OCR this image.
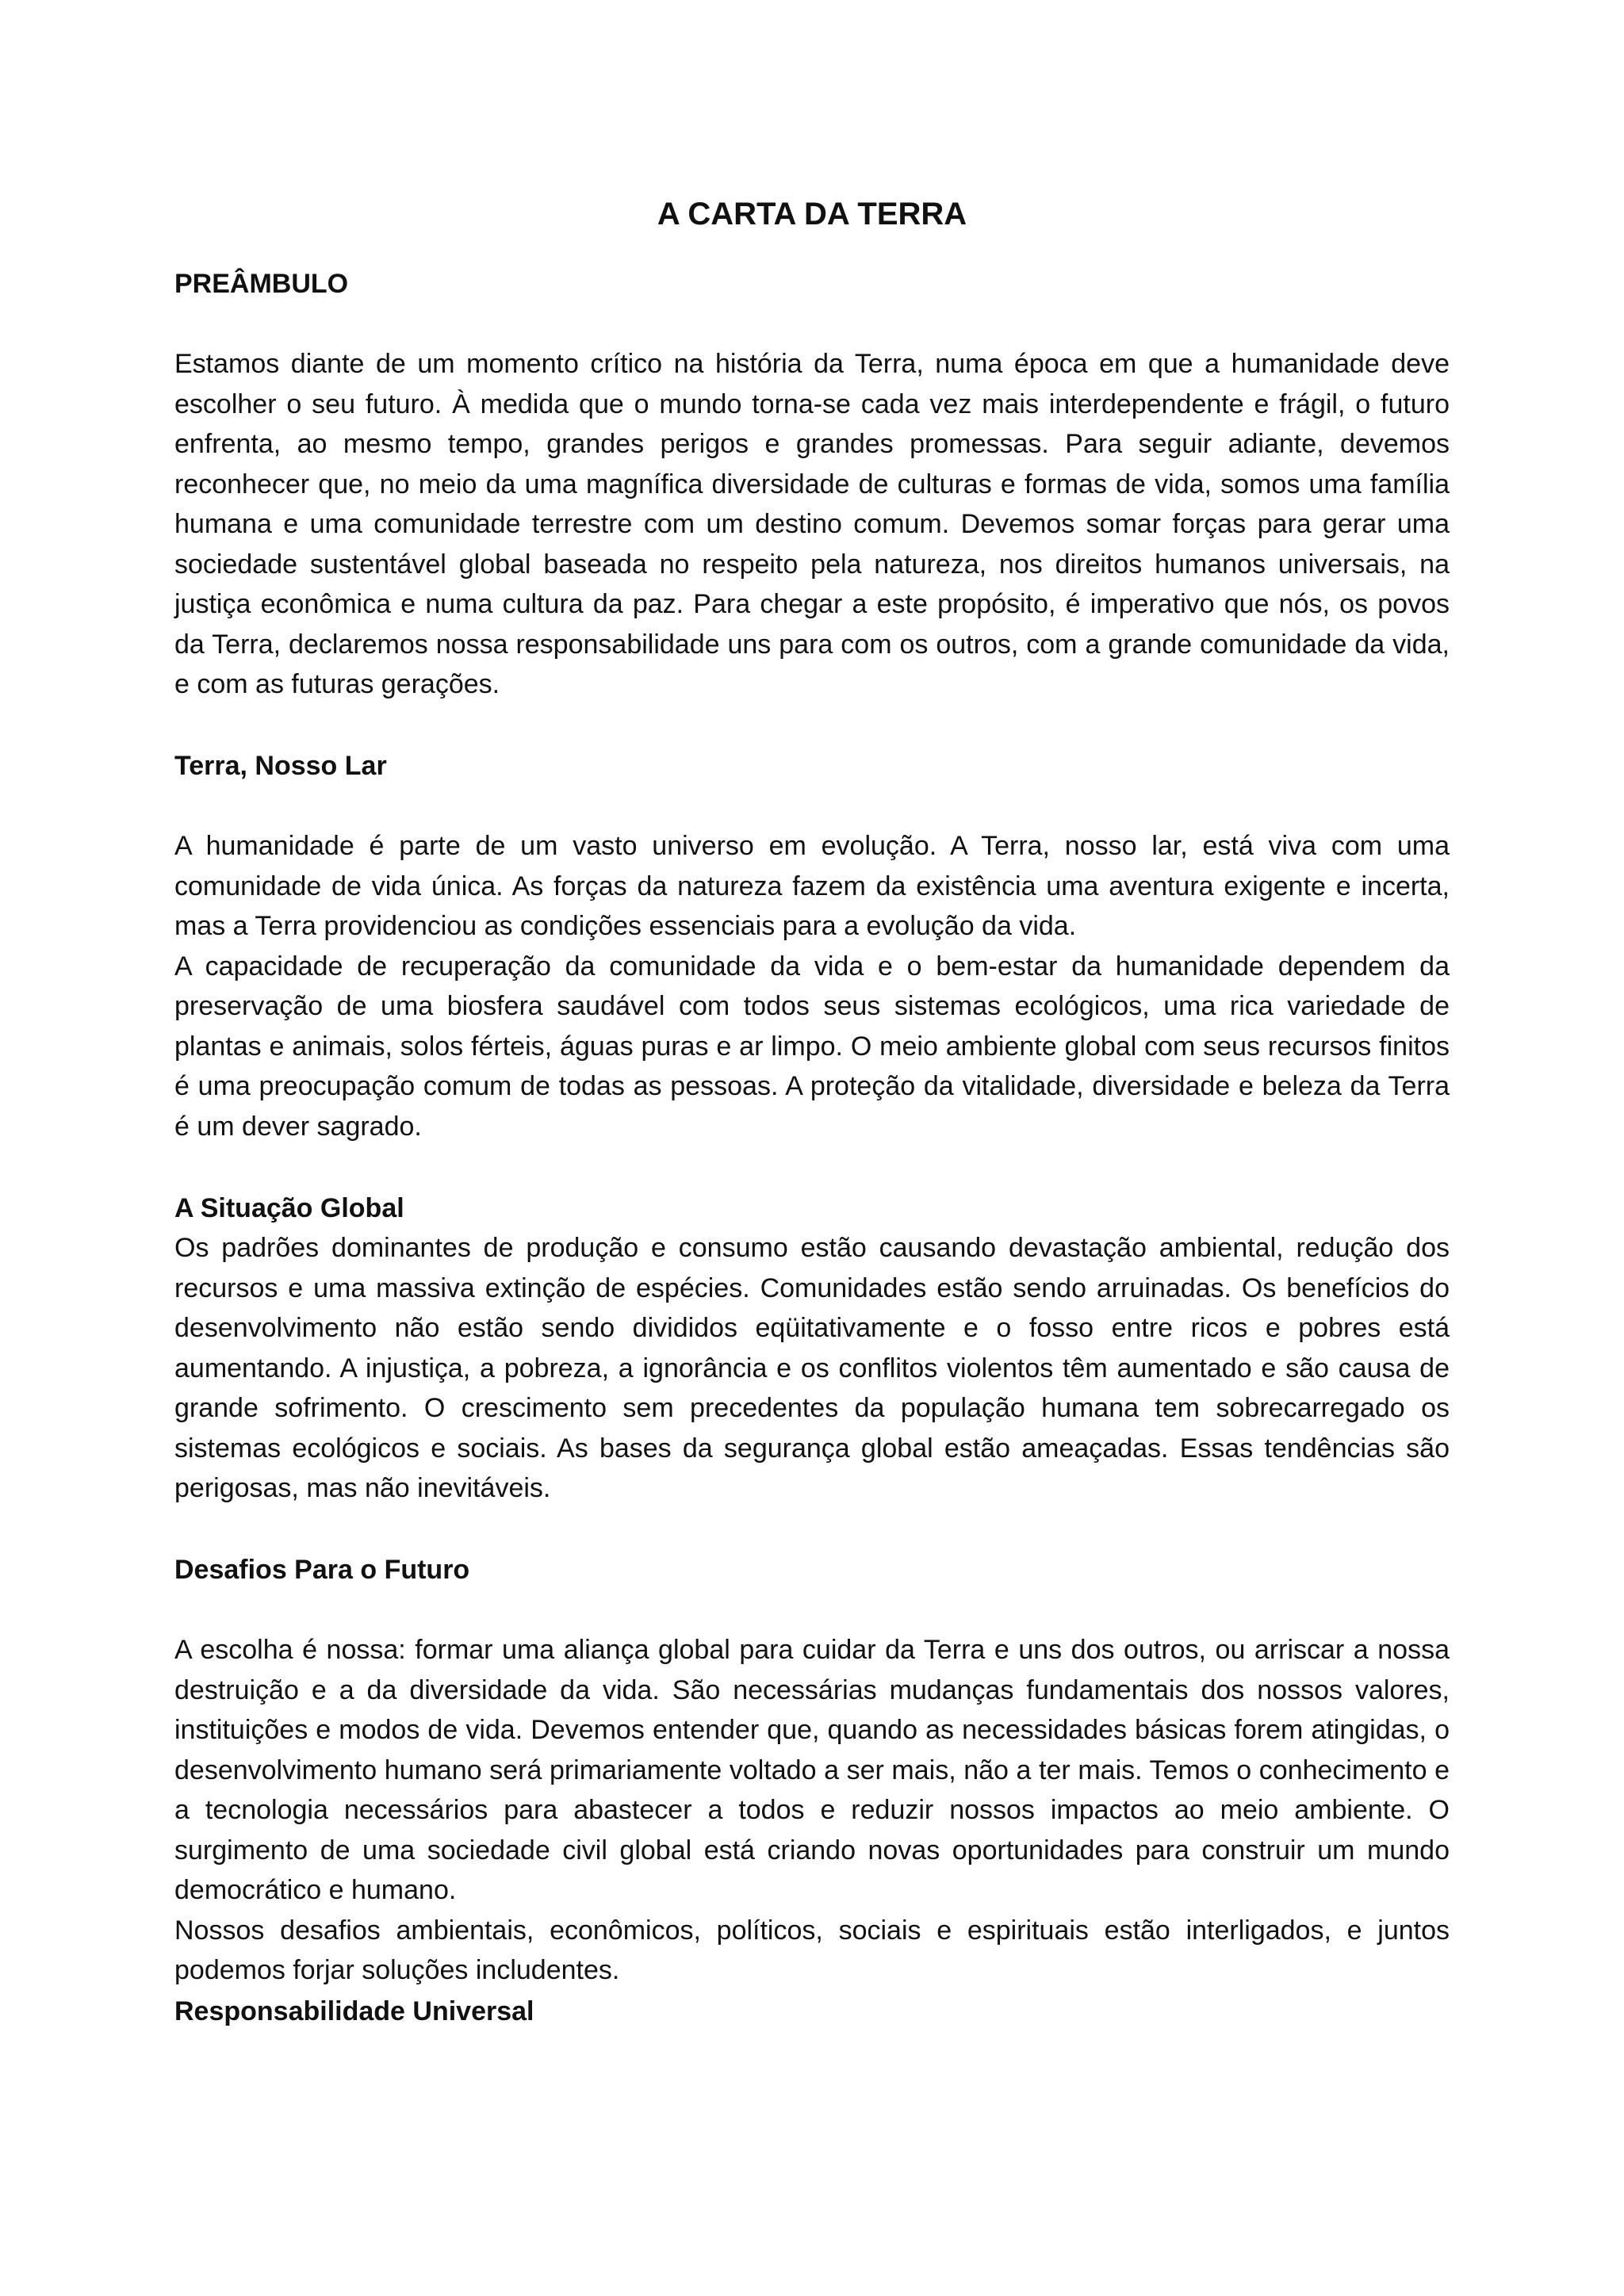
A CARTA DA TERRA
PREÂMBULO

Estamos diante de um momento crítico na história da Terra, numa época em que a humanidade deve escolher o seu futuro. À medida que o mundo torna-se cada vez mais interdependente e frágil, o futuro enfrenta, ao mesmo tempo, grandes perigos e grandes promessas. Para seguir adiante, devemos reconhecer que, no meio da uma magnífica diversidade de culturas e formas de vida, somos uma família humana e uma comunidade terrestre com um destino comum. Devemos somar forças para gerar uma sociedade sustentável global baseada no respeito pela natureza, nos direitos humanos universais, na justiça econômica e numa cultura da paz. Para chegar a este propósito, é imperativo que nós, os povos da Terra, declaremos nossa responsabilidade uns para com os outros, com a grande comunidade da vida, e com as futuras gerações.

Terra, Nosso Lar

A humanidade é parte de um vasto universo em evolução. A Terra, nosso lar, está viva com uma comunidade de vida única. As forças da natureza fazem da existência uma aventura exigente e incerta, mas a Terra providenciou as condições essenciais para a evolução da vida.

A capacidade de recuperação da comunidade da vida e o bem-estar da humanidade dependem da preservação de uma biosfera saudável com todos seus sistemas ecológicos, uma rica variedade de plantas e animais, solos férteis, águas puras e ar limpo. O meio ambiente global com seus recursos finitos é uma preocupação comum de todas as pessoas. A proteção da vitalidade, diversidade e beleza da Terra é um dever sagrado.

A Situação Global

Os padrões dominantes de produção e consumo estão causando devastação ambiental, redução dos recursos e uma massiva extinção de espécies. Comunidades estão sendo arruinadas. Os benefícios do desenvolvimento não estão sendo divididos eqüitativamente e o fosso entre ricos e pobres está aumentando. A injustiça, a pobreza, a ignorância e os conflitos violentos têm aumentado e são causa de grande sofrimento. O crescimento sem precedentes da população humana tem sobrecarregado os sistemas ecológicos e sociais. As bases da segurança global estão ameaçadas. Essas tendências são perigosas, mas não inevitáveis.

Desafios Para o Futuro

A escolha é nossa: formar uma aliança global para cuidar da Terra e uns dos outros, ou arriscar a nossa destruição e a da diversidade da vida. São necessárias mudanças fundamentais dos nossos valores, instituições e modos de vida. Devemos entender que, quando as necessidades básicas forem atingidas, o desenvolvimento humano será primariamente voltado a ser mais, não a ter mais. Temos o conhecimento e a tecnologia necessários para abastecer a todos e reduzir nossos impactos ao meio ambiente. O surgimento de uma sociedade civil global está criando novas oportunidades para construir um mundo democrático e humano.

Nossos desafios ambientais, econômicos, políticos, sociais e espirituais estão interligados, e juntos podemos forjar soluções includentes.

Responsabilidade Universal
